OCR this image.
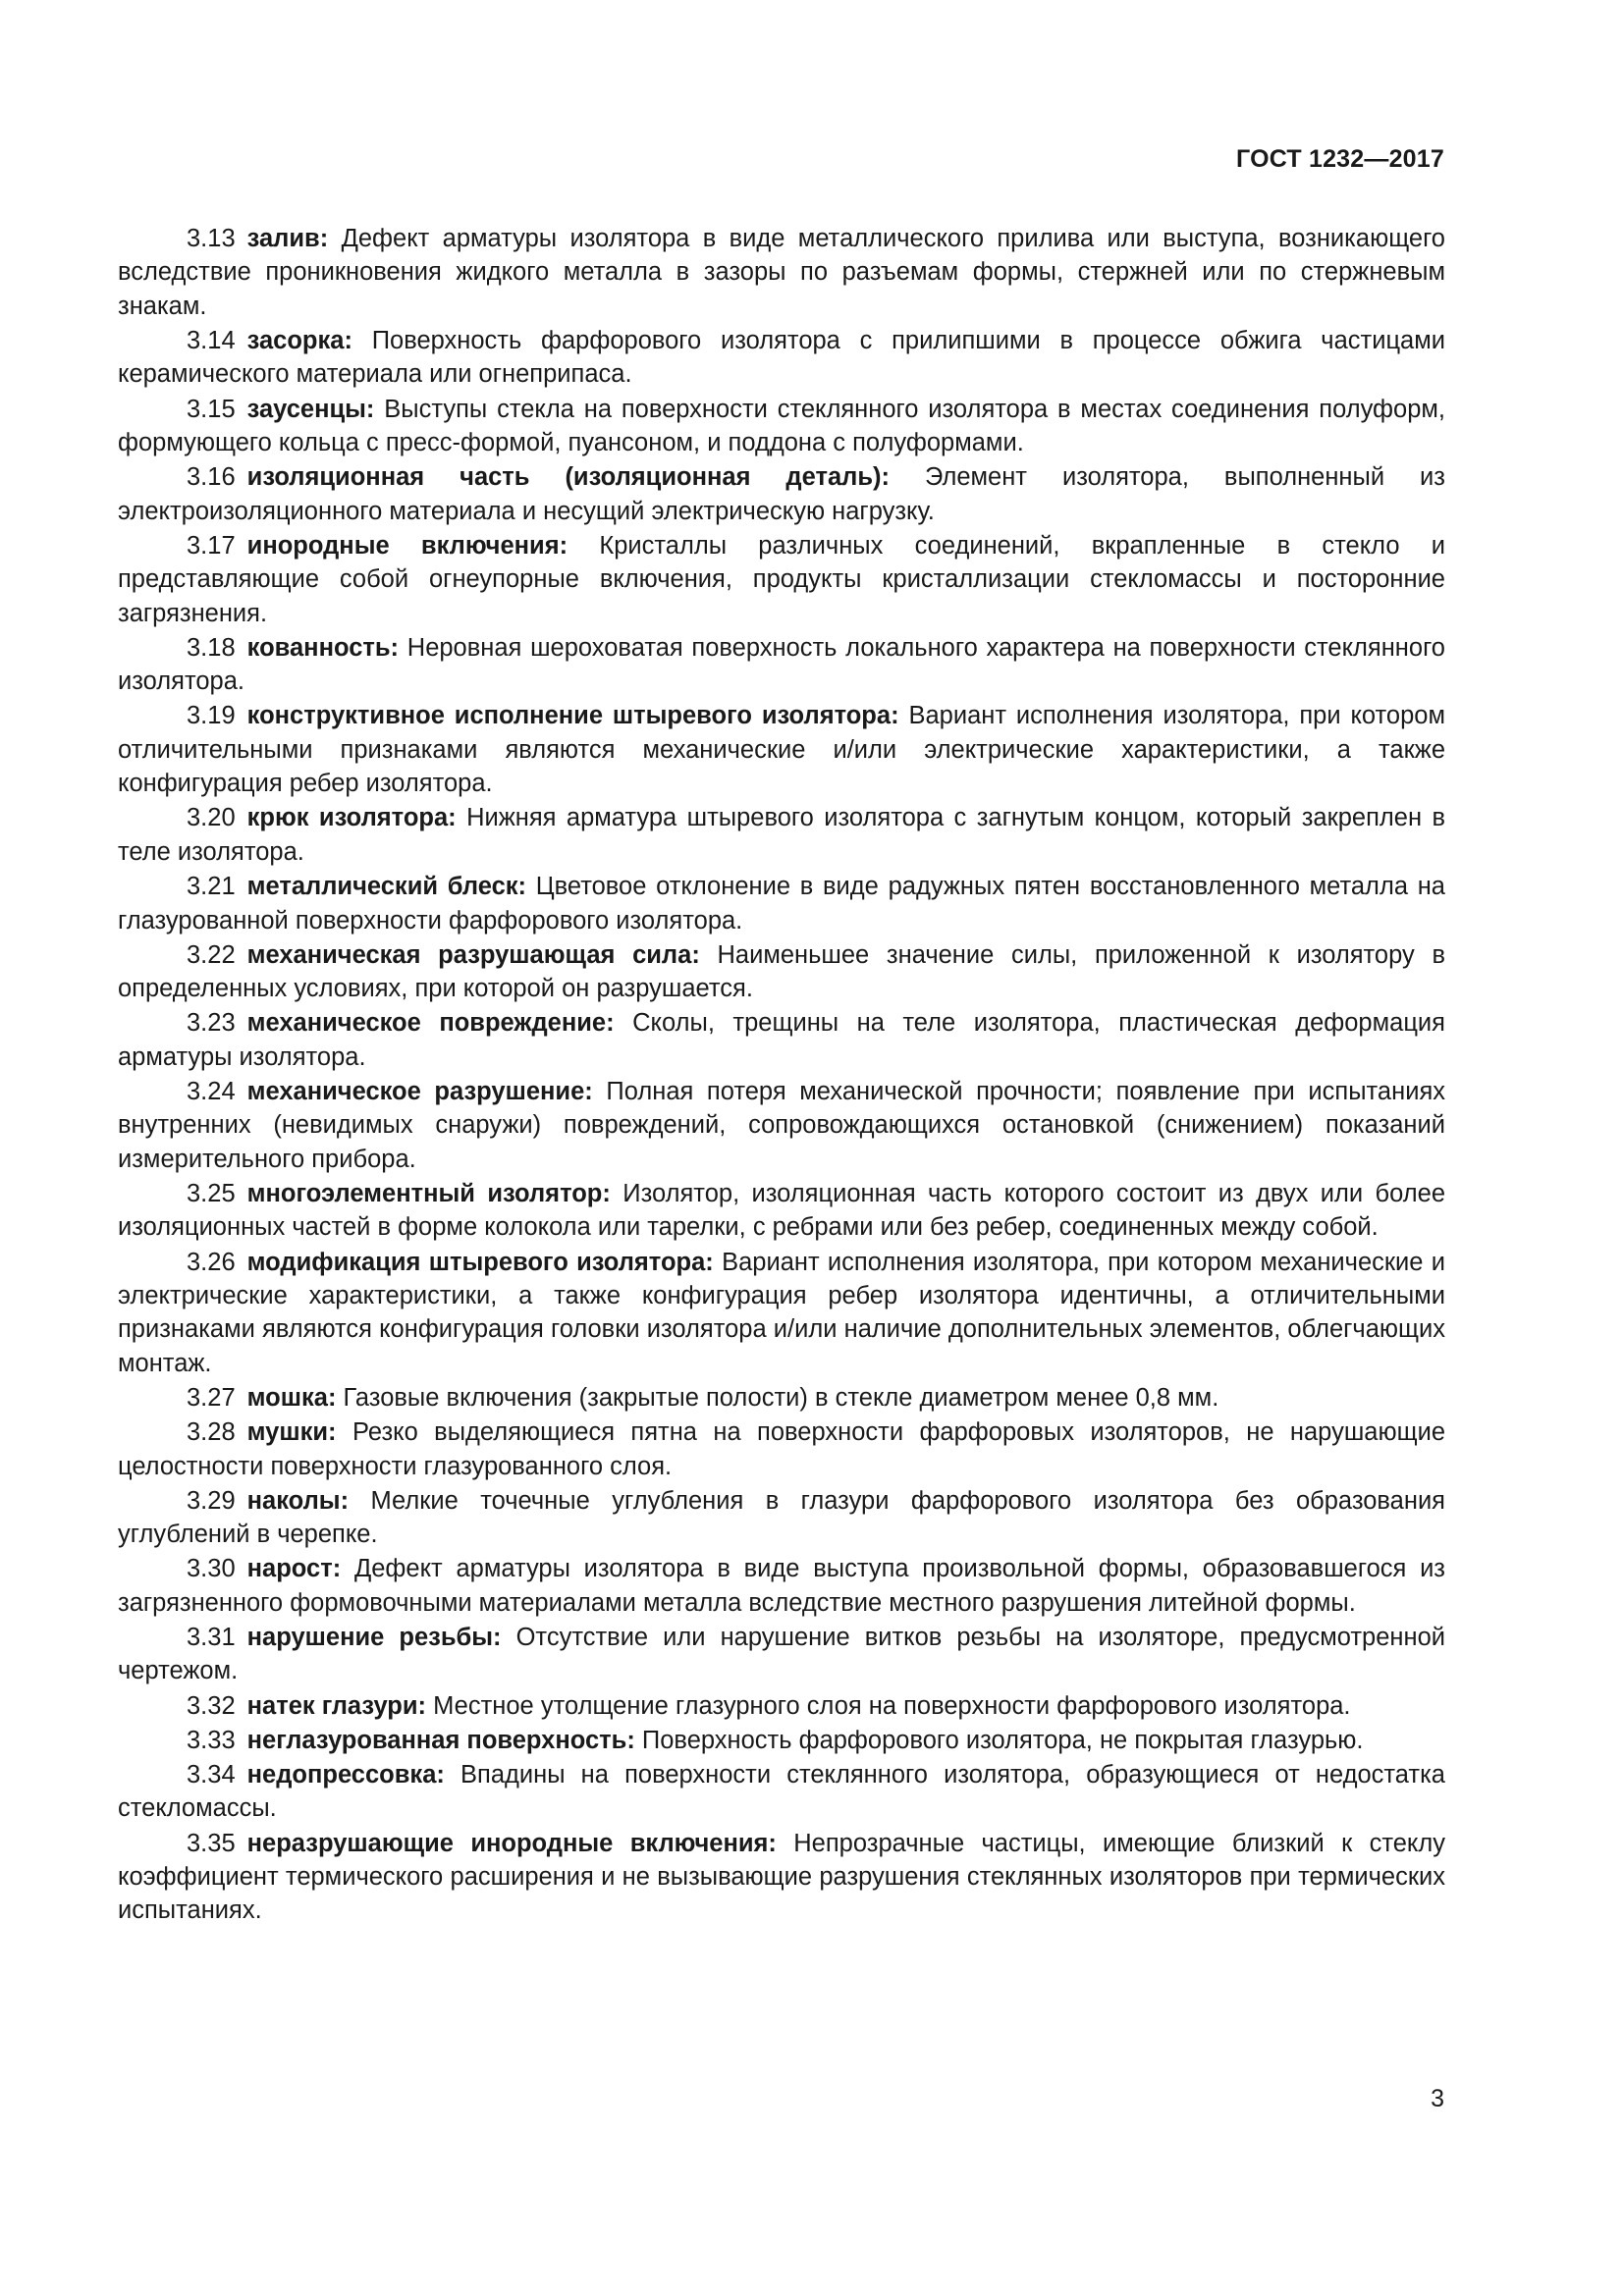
ГОСТ 1232—2017

3.13 залив: Дефект арматуры изолятора в виде металлического прилива или выступа, возникающего вследствие проникновения жидкого металла в зазоры по разъемам формы, стержней или по стержневым знакам.

3.14 засорка: Поверхность фарфорового изолятора с прилипшими в процессе обжига частицами керамического материала или огнеприпаса.

3.15 заусенцы: Выступы стекла на поверхности стеклянного изолятора в местах соединения полуформ, формующего кольца с пресс-формой, пуансоном, и поддона с полуформами.

3.16 изоляционная часть (изоляционная деталь): Элемент изолятора, выполненный из электроизоляционного материала и несущий электрическую нагрузку.

3.17 инородные включения: Кристаллы различных соединений, вкрапленные в стекло и представляющие собой огнеупорные включения, продукты кристаллизации стекломассы и посторонние загрязнения.

3.18 кованность: Неровная шероховатая поверхность локального характера на поверхности стеклянного изолятора.

3.19 конструктивное исполнение штыревого изолятора: Вариант исполнения изолятора, при котором отличительными признаками являются механические и/или электрические характеристики, а также конфигурация ребер изолятора.

3.20 крюк изолятора: Нижняя арматура штыревого изолятора с загнутым концом, который закреплен в теле изолятора.

3.21 металлический блеск: Цветовое отклонение в виде радужных пятен восстановленного металла на глазурованной поверхности фарфорового изолятора.

3.22 механическая разрушающая сила: Наименьшее значение силы, приложенной к изолятору в определенных условиях, при которой он разрушается.

3.23 механическое повреждение: Сколы, трещины на теле изолятора, пластическая деформация арматуры изолятора.

3.24 механическое разрушение: Полная потеря механической прочности; появление при испытаниях внутренних (невидимых снаружи) повреждений, сопровождающихся остановкой (снижением) показаний измерительного прибора.

3.25 многоэлементный изолятор: Изолятор, изоляционная часть которого состоит из двух или более изоляционных частей в форме колокола или тарелки, с ребрами или без ребер, соединенных между собой.

3.26 модификация штыревого изолятора: Вариант исполнения изолятора, при котором механические и электрические характеристики, а также конфигурация ребер изолятора идентичны, а отличительными признаками являются конфигурация головки изолятора и/или наличие дополнительных элементов, облегчающих монтаж.

3.27 мошка: Газовые включения (закрытые полости) в стекле диаметром менее 0,8 мм.

3.28 мушки: Резко выделяющиеся пятна на поверхности фарфоровых изоляторов, не нарушающие целостности поверхности глазурованного слоя.

3.29 наколы: Мелкие точечные углубления в глазури фарфорового изолятора без образования углублений в черепке.

3.30 нарост: Дефект арматуры изолятора в виде выступа произвольной формы, образовавшегося из загрязненного формовочными материалами металла вследствие местного разрушения литейной формы.

3.31 нарушение резьбы: Отсутствие или нарушение витков резьбы на изоляторе, предусмотренной чертежом.

3.32 натек глазури: Местное утолщение глазурного слоя на поверхности фарфорового изолятора.

3.33 неглазурованная поверхность: Поверхность фарфорового изолятора, не покрытая глазурью.

3.34 недопрессовка: Впадины на поверхности стеклянного изолятора, образующиеся от недостатка стекломассы.

3.35 неразрушающие инородные включения: Непрозрачные частицы, имеющие близкий к стеклу коэффициент термического расширения и не вызывающие разрушения стеклянных изоляторов при термических испытаниях.

3
